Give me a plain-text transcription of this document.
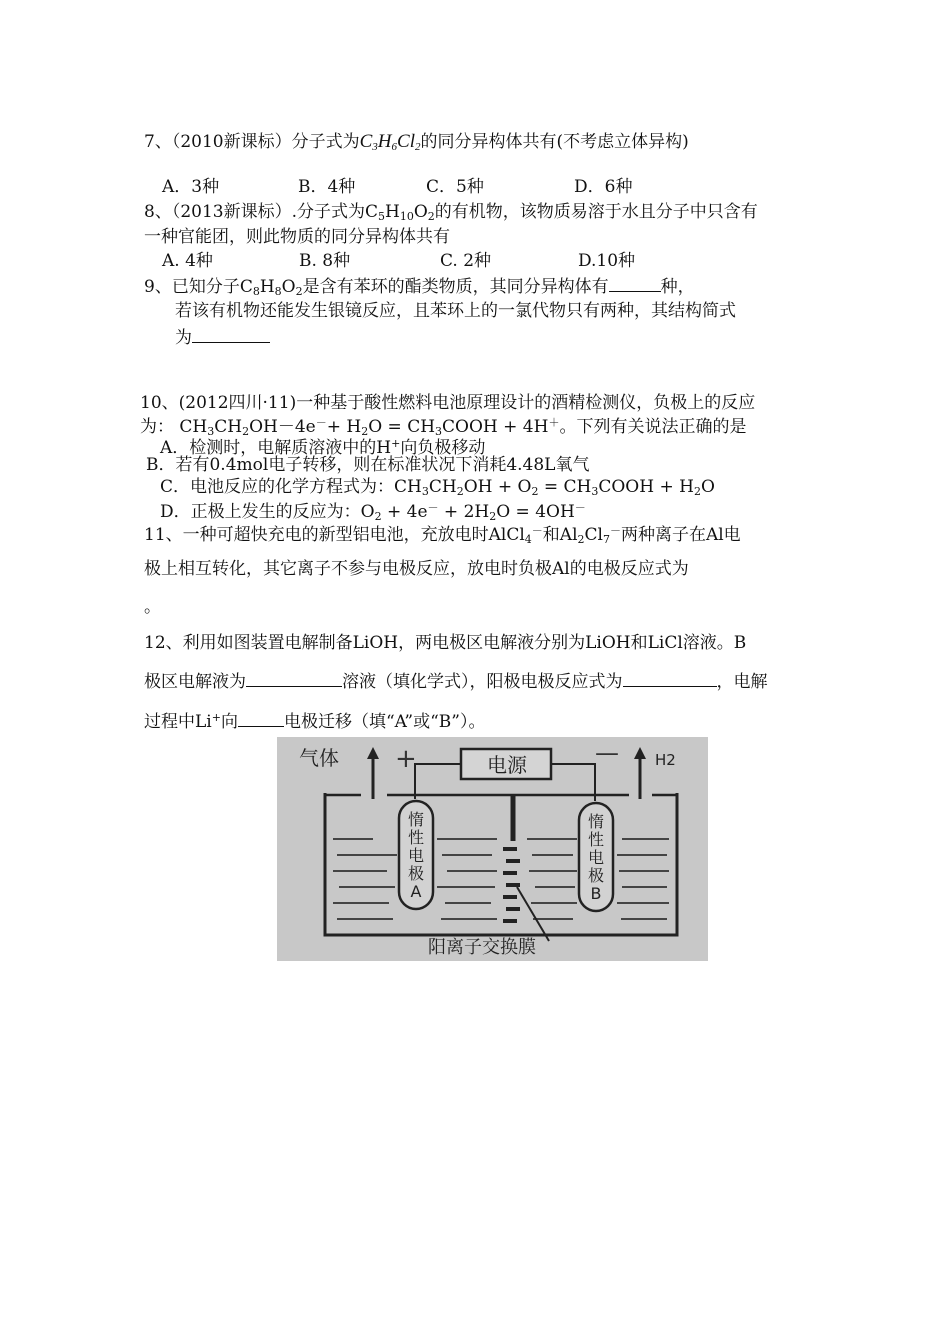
7、（2010新课标）分子式为$C_3H_6Cl_2$的同分异构体共有(不考虑立体异构)
A．3种	B．4种	C．5种	D．6种
8、（2013新课标）.分子式为$C_5H_{10}O_2$的有机物，该物质易溶于水且分子中只含有
一种官能团，则此物质的同分异构体共有
A. 4种	B. 8种	C. 2种	D.10种
9、已知分子$C_8H_8O_2$是含有苯环的酯类物质，其同分异构体有	种，
若该有机物还能发生银镜反应，且苯环上的一氯代物只有两种，其结构简式
为
10、(2012四川·11)一种基于酸性燃料电池原理设计的酒精检测仪，负极上的反应
为： $CH_3CH_2OH-4e^-+ H_2O$ = $CH_3COOH + 4H^+$。下列有关说法正确的是
A．检测时，电解质溶液中的H+向负极移动
B．若有0.4mol电子转移，则在标准状况下消耗4.48L氧气
C．电池反应的化学方程式为：$CH_3CH_2OH + O_2$ = $CH_3COOH + H_2O$
D．正极上发生的反应为：$O_2 + 4e^- + 2H_2O = 4OH^-$
11、一种可超快充电的新型铝电池，充放电时AlCl$_4$－和$Al_2Cl_7^-$两种离子在Al电
极上相互转化，其它离子不参与电极反应，放电时负极Al的电极反应式为
。
12、利用如图装置电解制备LiOH，两电极区电解液分别为LiOH和LiCl溶液。B
极区电解液为	溶液（填化学式），阳极电极反应式为	，电解
过程中Li+向	电极迁移（填“A”或“B”）。
气体 +	电源	— H2
惰
性
电
极
A
惰
性
电
极
B
阳离子交换膜
